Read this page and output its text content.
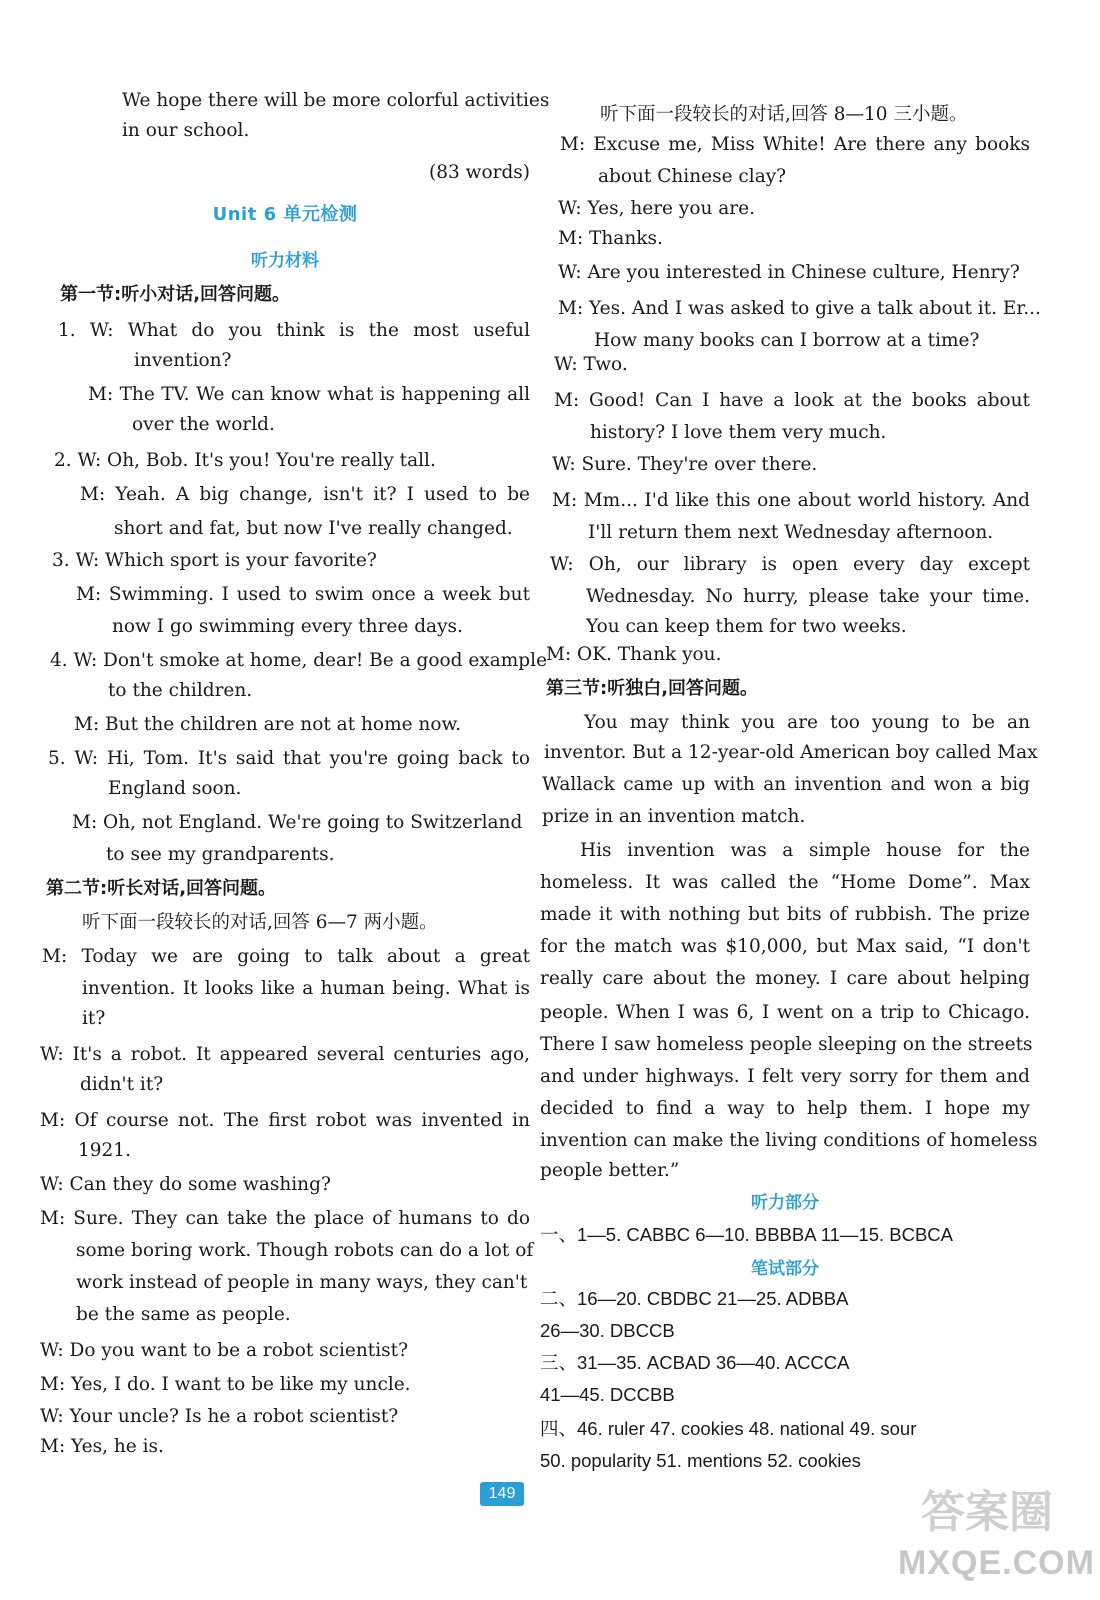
We hope there will be more colorful activities
in our school.
(83 words)
Unit 6 单元检测
听力材料
第一节:听小对话,回答问题。
1. W: What do you think is the most useful
invention?
M: The TV. We can know what is happening all
over the world.
2. W: Oh, Bob. It's you! You're really tall.
M: Yeah. A big change, isn't it? I used to be
short and fat, but now I've really changed.
3. W: Which sport is your favorite?
M: Swimming. I used to swim once a week but
now I go swimming every three days.
4. W: Don't smoke at home, dear! Be a good example
to the children.
M: But the children are not at home now.
5. W: Hi, Tom. It's said that you're going back to
England soon.
M: Oh, not England. We're going to Switzerland
to see my grandparents.
第二节:听长对话,回答问题。
听下面一段较长的对话,回答 6—7 两小题。
M: Today we are going to talk about a great
invention. It looks like a human being. What is
it?
W: It's a robot. It appeared several centuries ago,
didn't it?
M: Of course not. The first robot was invented in
1921.
W: Can they do some washing?
M: Sure. They can take the place of humans to do
some boring work. Though robots can do a lot of
work instead of people in many ways, they can't
be the same as people.
W: Do you want to be a robot scientist?
M: Yes, I do. I want to be like my uncle.
W: Your uncle? Is he a robot scientist?
M: Yes, he is.
听下面一段较长的对话,回答 8—10 三小题。
M: Excuse me, Miss White! Are there any books
about Chinese clay?
W: Yes, here you are.
M: Thanks.
W: Are you interested in Chinese culture, Henry?
M: Yes. And I was asked to give a talk about it. Er...
How many books can I borrow at a time?
W: Two.
M: Good! Can I have a look at the books about
history? I love them very much.
W: Sure. They're over there.
M: Mm... I'd like this one about world history. And
I'll return them next Wednesday afternoon.
W: Oh, our library is open every day except
Wednesday. No hurry, please take your time.
You can keep them for two weeks.
M: OK. Thank you.
第三节:听独白,回答问题。
You may think you are too young to be an
inventor. But a 12-year-old American boy called Max
Wallack came up with an invention and won a big
prize in an invention match.
His invention was a simple house for the
homeless. It was called the “Home Dome”. Max
made it with nothing but bits of rubbish. The prize
for the match was $10,000, but Max said, “I don't
really care about the money. I care about helping
people. When I was 6, I went on a trip to Chicago.
There I saw homeless people sleeping on the streets
and under highways. I felt very sorry for them and
decided to find a way to help them. I hope my
invention can make the living conditions of homeless
people better.”
听力部分
一、1—5. CABBC 6—10. BBBBA 11—15. BCBCA
笔试部分
二、16—20. CBDBC 21—25. ADBBA
26—30. DBCCB
三、31—35. ACBAD 36—40. ACCCA
41—45. DCCBB
四、46. ruler 47. cookies 48. national 49. sour
50. popularity 51. mentions 52. cookies
149	答案圈
MXQE.COM
